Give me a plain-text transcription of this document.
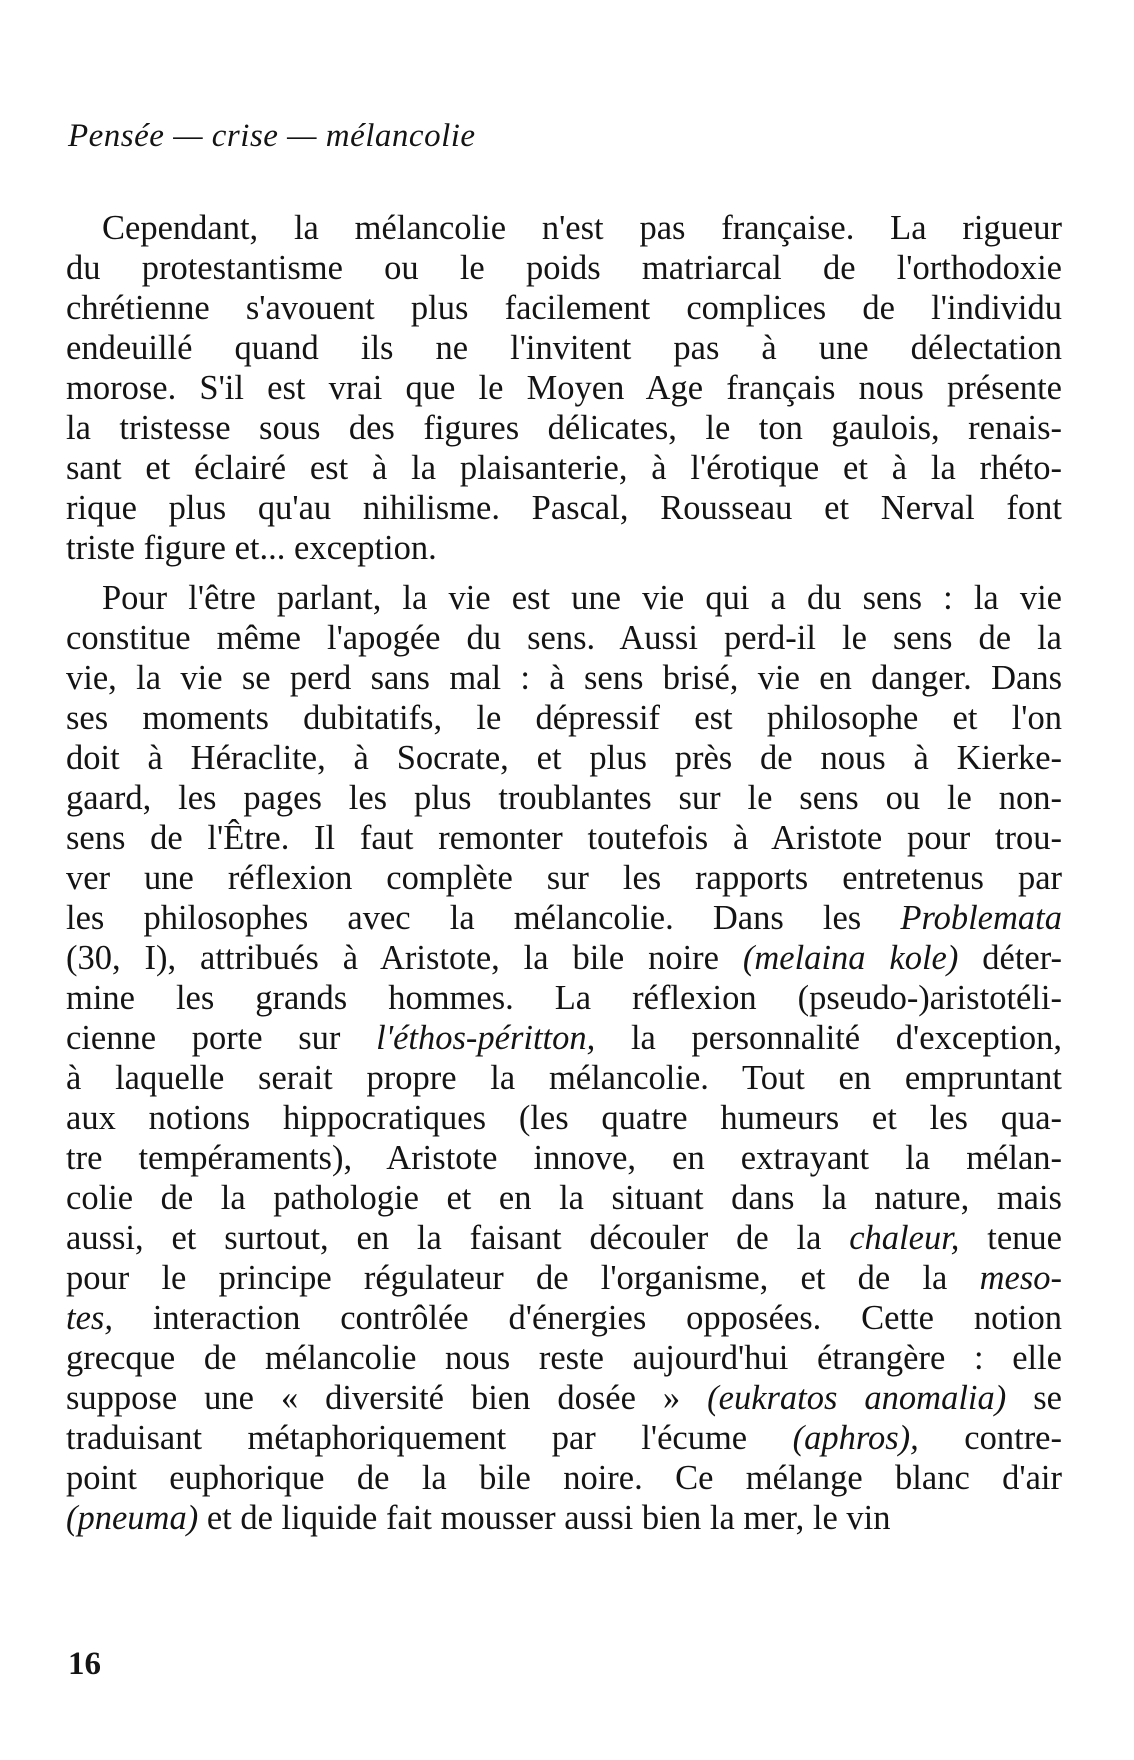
Pensée — crise — mélancolie
Cependant, la mélancolie n'est pas française. La rigueur
du protestantisme ou le poids matriarcal de l'orthodoxie
chrétienne s'avouent plus facilement complices de l'individu
endeuillé quand ils ne l'invitent pas à une délectation
morose. S'il est vrai que le Moyen Age français nous présente
la tristesse sous des figures délicates, le ton gaulois, renais-
sant et éclairé est à la plaisanterie, à l'érotique et à la rhéto-
rique plus qu'au nihilisme. Pascal, Rousseau et Nerval font
triste figure et... exception.
Pour l'être parlant, la vie est une vie qui a du sens : la vie
constitue même l'apogée du sens. Aussi perd-il le sens de la
vie, la vie se perd sans mal : à sens brisé, vie en danger. Dans
ses moments dubitatifs, le dépressif est philosophe et l'on
doit à Héraclite, à Socrate, et plus près de nous à Kierke-
gaard, les pages les plus troublantes sur le sens ou le non-
sens de l'Être. Il faut remonter toutefois à Aristote pour trou-
ver une réflexion complète sur les rapports entretenus par
les philosophes avec la mélancolie. Dans les Problemata
(30, I), attribués à Aristote, la bile noire (melaina kole) déter-
mine les grands hommes. La réflexion (pseudo-)aristotéli-
cienne porte sur l'éthos-péritton, la personnalité d'exception,
à laquelle serait propre la mélancolie. Tout en empruntant
aux notions hippocratiques (les quatre humeurs et les qua-
tre tempéraments), Aristote innove, en extrayant la mélan-
colie de la pathologie et en la situant dans la nature, mais
aussi, et surtout, en la faisant découler de la chaleur, tenue
pour le principe régulateur de l'organisme, et de la meso-
tes, interaction contrôlée d'énergies opposées. Cette notion
grecque de mélancolie nous reste aujourd'hui étrangère : elle
suppose une « diversité bien dosée » (eukratos anomalia) se
traduisant métaphoriquement par l'écume (aphros), contre-
point euphorique de la bile noire. Ce mélange blanc d'air
(pneuma) et de liquide fait mousser aussi bien la mer, le vin
16
